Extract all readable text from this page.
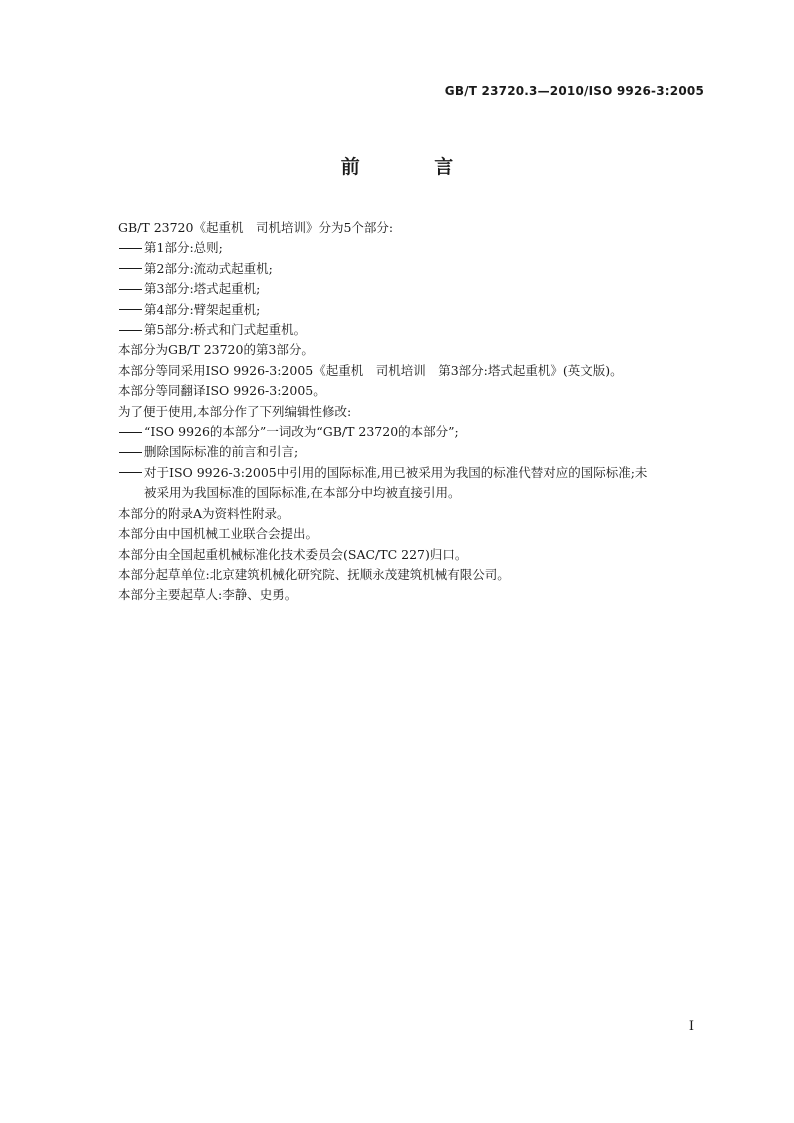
GB/T 23720.3—2010/ISO 9926-3:2005
前 言
GB/T 23720《起重机　司机培训》分为5个部分:
第1部分:总则;
第2部分:流动式起重机;
第3部分:塔式起重机;
第4部分:臂架起重机;
第5部分:桥式和门式起重机。
本部分为GB/T 23720的第3部分。
本部分等同采用ISO 9926-3:2005《起重机　司机培训　第3部分:塔式起重机》(英文版)。
本部分等同翻译ISO 9926-3:2005。
为了便于使用,本部分作了下列编辑性修改:
“ISO 9926的本部分”一词改为“GB/T 23720的本部分”;
删除国际标准的前言和引言;
对于ISO 9926-3:2005中引用的国际标准,用已被采用为我国的标准代替对应的国际标准;未
被采用为我国标准的国际标准,在本部分中均被直接引用。
本部分的附录A为资料性附录。
本部分由中国机械工业联合会提出。
本部分由全国起重机械标准化技术委员会(SAC/TC 227)归口。
本部分起草单位:北京建筑机械化研究院、抚顺永茂建筑机械有限公司。
本部分主要起草人:李静、史勇。
I
